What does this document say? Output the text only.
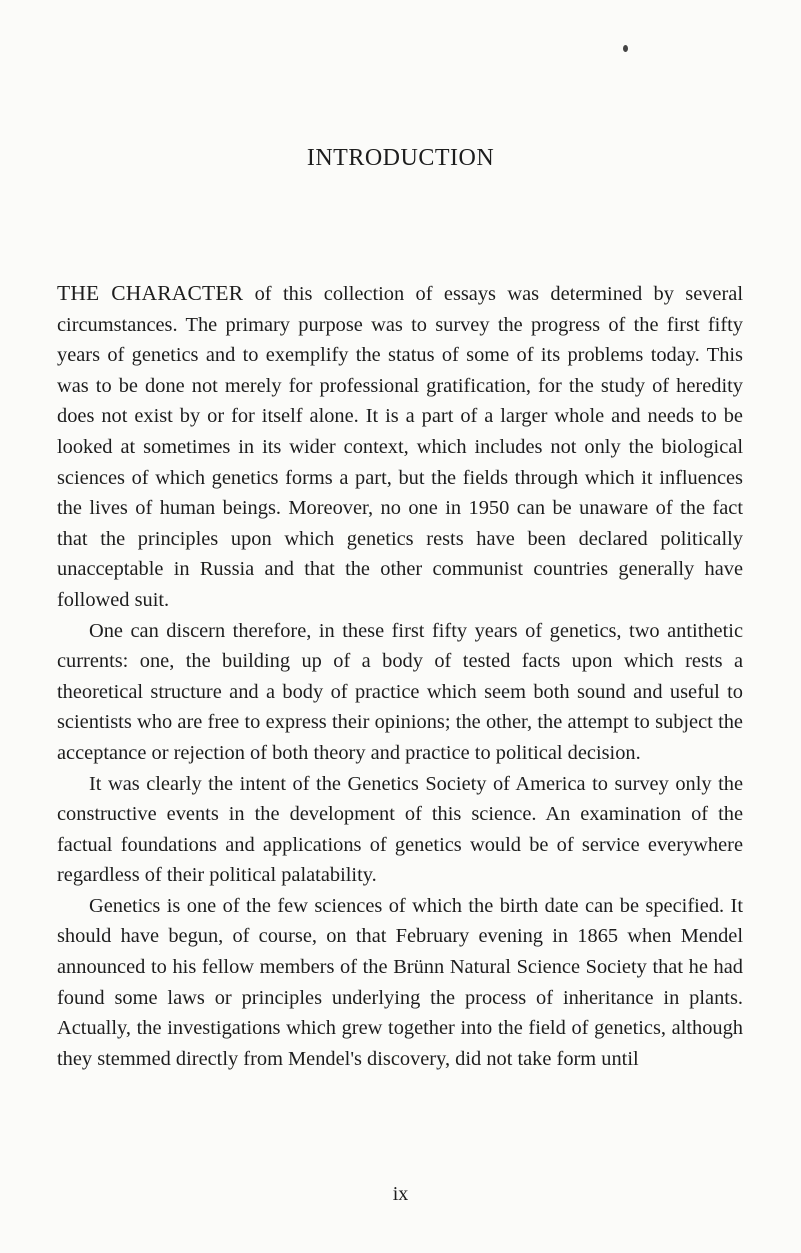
INTRODUCTION

THE CHARACTER of this collection of essays was determined by several circumstances. The primary purpose was to survey the progress of the first fifty years of genetics and to exemplify the status of some of its problems today. This was to be done not merely for professional gratification, for the study of heredity does not exist by or for itself alone. It is a part of a larger whole and needs to be looked at sometimes in its wider context, which includes not only the biological sciences of which genetics forms a part, but the fields through which it influences the lives of human beings. Moreover, no one in 1950 can be unaware of the fact that the principles upon which genetics rests have been declared politically unacceptable in Russia and that the other communist countries generally have followed suit.

One can discern therefore, in these first fifty years of genetics, two antithetic currents: one, the building up of a body of tested facts upon which rests a theoretical structure and a body of practice which seem both sound and useful to scientists who are free to express their opinions; the other, the attempt to subject the acceptance or rejection of both theory and practice to political decision.

It was clearly the intent of the Genetics Society of America to survey only the constructive events in the development of this science. An examination of the factual foundations and applications of genetics would be of service everywhere regardless of their political palatability.

Genetics is one of the few sciences of which the birth date can be specified. It should have begun, of course, on that February evening in 1865 when Mendel announced to his fellow members of the Brünn Natural Science Society that he had found some laws or principles underlying the process of inheritance in plants. Actually, the investigations which grew together into the field of genetics, although they stemmed directly from Mendel's discovery, did not take form until

ix
